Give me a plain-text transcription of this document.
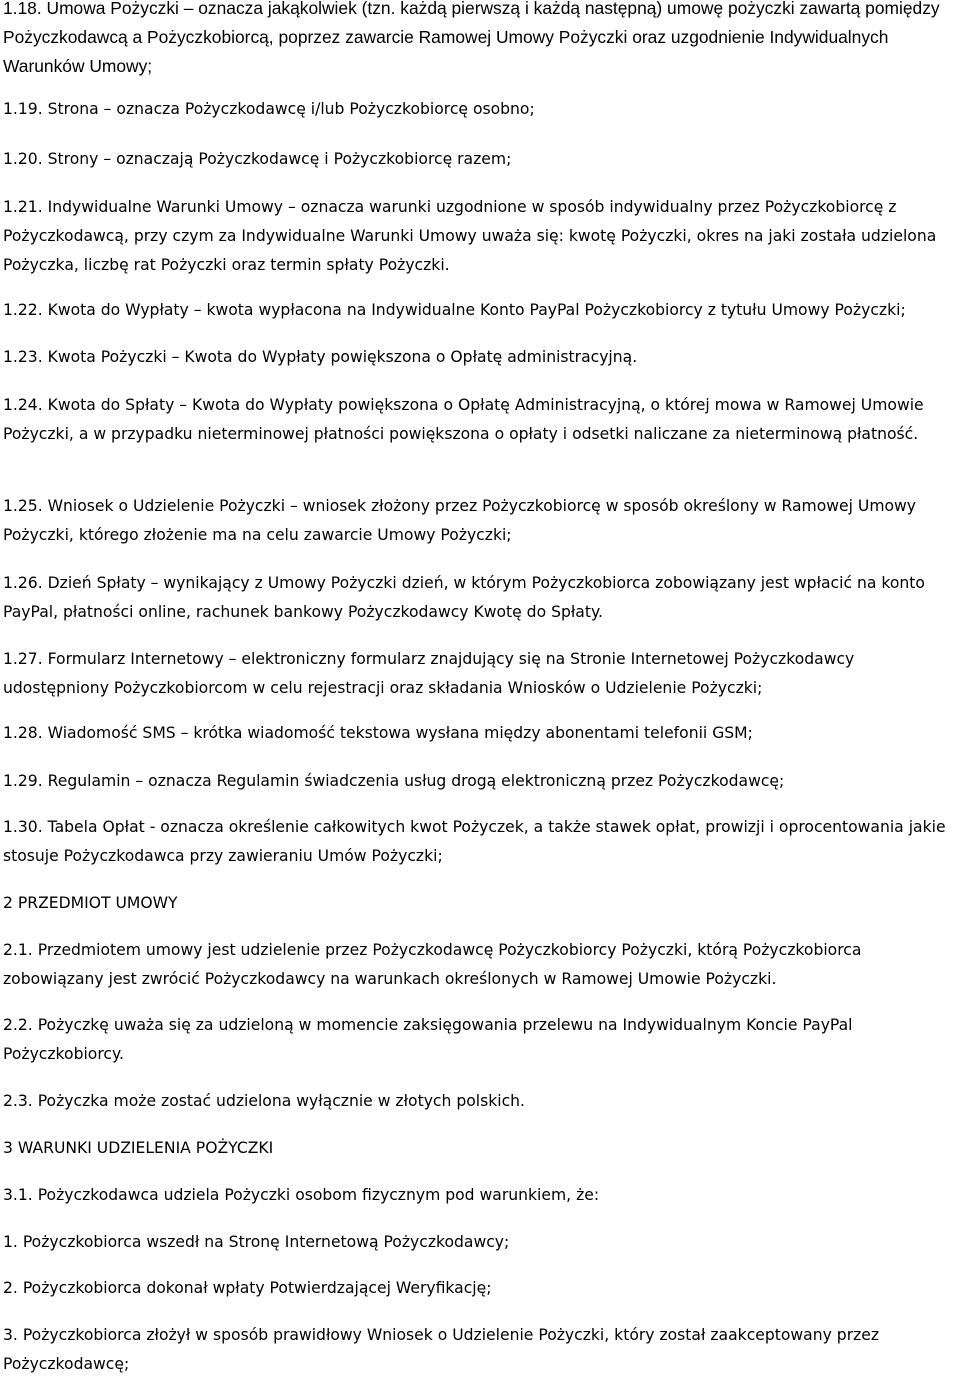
1.18. Umowa Pożyczki – oznacza jakąkolwiek (tzn. każdą pierwszą i każdą następną) umowę pożyczki zawartą pomiędzy Pożyczkodawcą a Pożyczkobiorcą, poprzez zawarcie Ramowej Umowy Pożyczki oraz uzgodnienie Indywidualnych Warunków Umowy;

1.19. Strona – oznacza Pożyczkodawcę i/lub Pożyczkobiorcę osobno;

1.20. Strony – oznaczają Pożyczkodawcę i Pożyczkobiorcę razem;

1.21. Indywidualne Warunki Umowy – oznacza warunki uzgodnione w sposób indywidualny przez Pożyczkobiorcę z Pożyczkodawcą, przy czym za Indywidualne Warunki Umowy uważa się: kwotę Pożyczki, okres na jaki została udzielona Pożyczka, liczbę rat Pożyczki oraz termin spłaty Pożyczki.

1.22. Kwota do Wypłaty – kwota wypłacona na Indywidualne Konto PayPal Pożyczkobiorcy z tytułu Umowy Pożyczki;

1.23. Kwota Pożyczki – Kwota do Wypłaty powiększona o Opłatę administracyjną.

1.24. Kwota do Spłaty – Kwota do Wypłaty powiększona o Opłatę Administracyjną, o której mowa w Ramowej Umowie Pożyczki, a w przypadku nieterminowej płatności powiększona o opłaty i odsetki naliczane za nieterminową płatność.

1.25. Wniosek o Udzielenie Pożyczki – wniosek złożony przez Pożyczkobiorcę w sposób określony w Ramowej Umowy Pożyczki, którego złożenie ma na celu zawarcie Umowy Pożyczki;

1.26. Dzień Spłaty – wynikający z Umowy Pożyczki dzień, w którym Pożyczkobiorca zobowiązany jest wpłacić na konto PayPal, płatności online, rachunek bankowy Pożyczkodawcy Kwotę do Spłaty.

1.27. Formularz Internetowy – elektroniczny formularz znajdujący się na Stronie Internetowej Pożyczkodawcy udostępniony Pożyczkobiorcom w celu rejestracji oraz składania Wniosków o Udzielenie Pożyczki;

1.28. Wiadomość SMS – krótka wiadomość tekstowa wysłana między abonentami telefonii GSM;

1.29. Regulamin – oznacza Regulamin świadczenia usług drogą elektroniczną przez Pożyczkodawcę;

1.30. Tabela Opłat - oznacza określenie całkowitych kwot Pożyczek, a także stawek opłat, prowizji i oprocentowania jakie stosuje Pożyczkodawca przy zawieraniu Umów Pożyczki;

2 PRZEDMIOT UMOWY

2.1. Przedmiotem umowy jest udzielenie przez Pożyczkodawcę Pożyczkobiorcy Pożyczki, którą Pożyczkobiorca zobowiązany jest zwrócić Pożyczkodawcy na warunkach określonych w Ramowej Umowie Pożyczki.

2.2. Pożyczkę uważa się za udzieloną w momencie zaksięgowania przelewu na Indywidualnym Koncie PayPal Pożyczkobiorcy.

2.3. Pożyczka może zostać udzielona wyłącznie w złotych polskich.

3 WARUNKI UDZIELENIA POŻYCZKI

3.1. Pożyczkodawca udziela Pożyczki osobom fizycznym pod warunkiem, że:

1. Pożyczkobiorca wszedł na Stronę Internetową Pożyczkodawcy;

2. Pożyczkobiorca dokonał wpłaty Potwierdzającej Weryfikację;

3. Pożyczkobiorca złożył w sposób prawidłowy Wniosek o Udzielenie Pożyczki, który został zaakceptowany przez Pożyczkodawcę;
